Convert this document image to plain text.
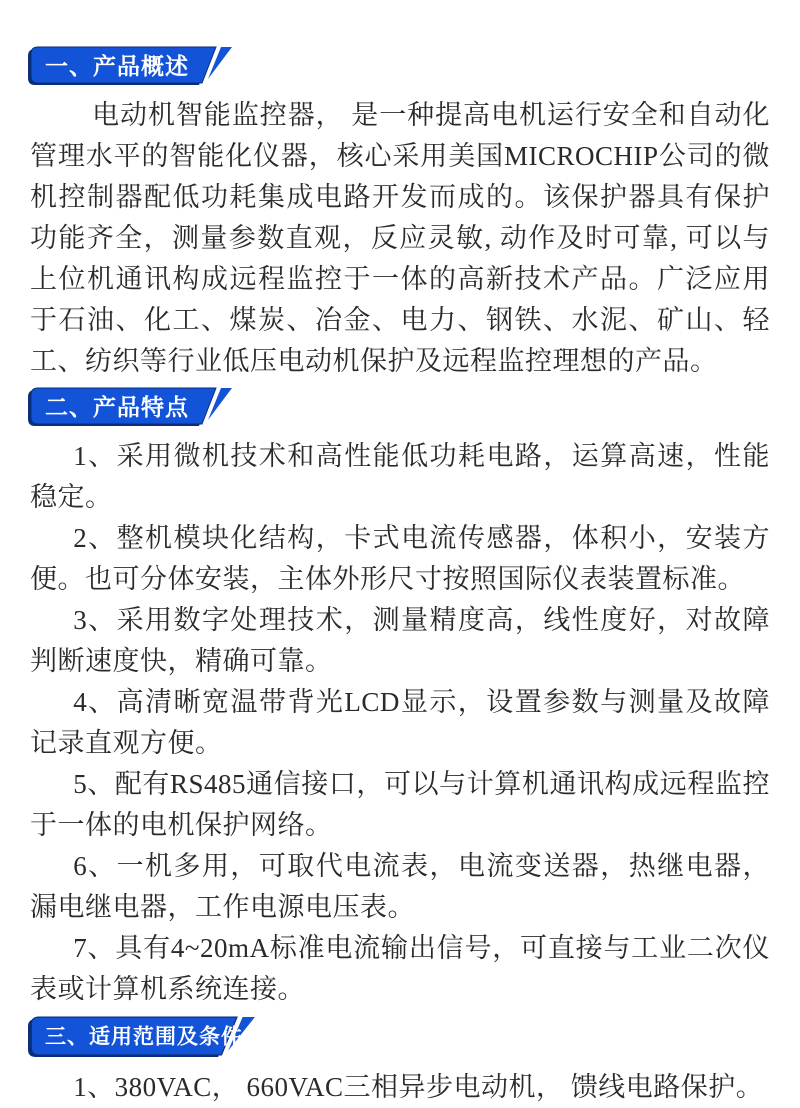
一、产品概述

电动机智能监控器， 是一种提高电机运行安全和自动化管理水平的智能化仪器，核心采用美国MICROCHIP公司的微机控制器配低功耗集成电路开发而成的。该保护器具有保护功能齐全，测量参数直观，反应灵敏, 动作及时可靠, 可以与上位机通讯构成远程监控于一体的高新技术产品。广泛应用于石油、化工、煤炭、冶金、电力、钢铁、水泥、矿山、轻工、纺织等行业低压电动机保护及远程监控理想的产品。

二、产品特点

1、采用微机技术和高性能低功耗电路，运算高速，性能稳定。

2、整机模块化结构，卡式电流传感器，体积小，安装方便。也可分体安装，主体外形尺寸按照国际仪表装置标准。

3、采用数字处理技术，测量精度高，线性度好，对故障判断速度快，精确可靠。

4、高清晰宽温带背光LCD显示，设置参数与测量及故障记录直观方便。

5、配有RS485通信接口，可以与计算机通讯构成远程监控于一体的电机保护网络。

6、一机多用，可取代电流表，电流变送器，热继电器，漏电继电器，工作电源电压表。

7、具有4~20mA标准电流输出信号，可直接与工业二次仪表或计算机系统连接。

三、适用范围及条件

1、380VAC， 660VAC三相异步电动机， 馈线电路保护。
